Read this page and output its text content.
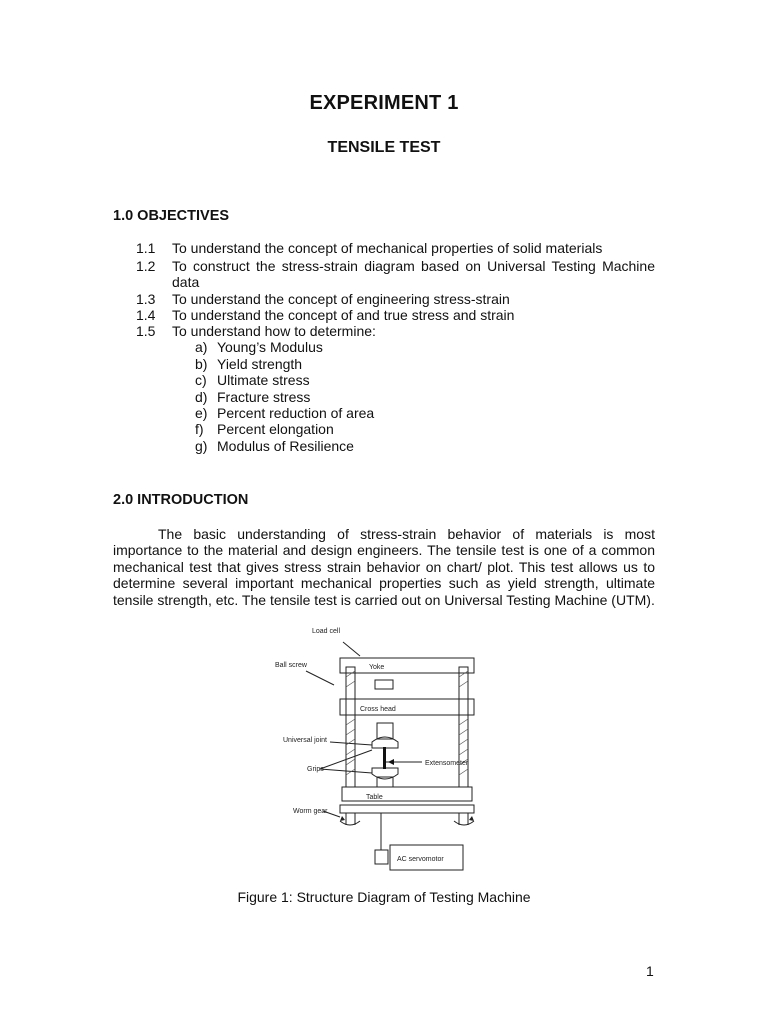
EXPERIMENT 1
TENSILE TEST
1.0 OBJECTIVES
1.1 To understand the concept of mechanical properties of solid materials
1.2 To construct the stress-strain diagram based on Universal Testing Machine data
1.3 To understand the concept of engineering stress-strain
1.4 To understand the concept of and true stress and strain
1.5 To understand how to determine:
a) Young’s Modulus
b) Yield strength
c) Ultimate stress
d) Fracture stress
e) Percent reduction of area
f) Percent elongation
g) Modulus of Resilience
2.0 INTRODUCTION
The basic understanding of stress-strain behavior of materials is most importance to the material and design engineers. The tensile test is one of a common mechanical test that gives stress strain behavior on chart/ plot. This test allows us to determine several important mechanical properties such as yield strength, ultimate tensile strength, etc. The tensile test is carried out on Universal Testing Machine (UTM).
Load cell
Ball screw	Yoke
Cross head
Universal joint
Grips
Extensometer
Table
Worm gear
AC servomotor
Figure 1: Structure Diagram of Testing Machine
1
